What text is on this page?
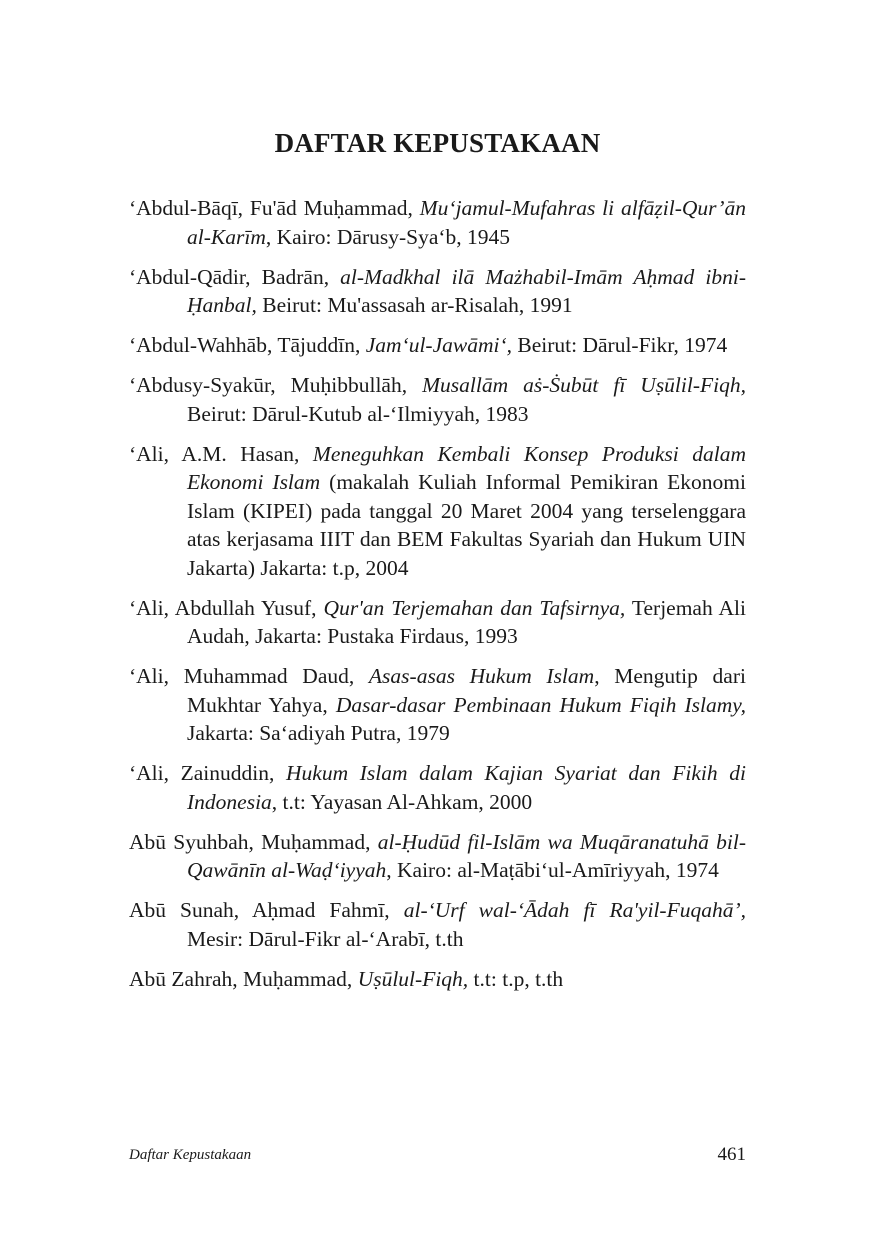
DAFTAR KEPUSTAKAAN
‘Abdul-Bāqī, Fu'ād Muḥammad, Mu‘jamul-Mufahras li alfāẓil-Qur’ān al-Karīm, Kairo: Dārusy-Sya‘b, 1945
‘Abdul-Qādir, Badrān, al-Madkhal ilā Mażhabil-Imām Aḥmad ibni-Ḥanbal, Beirut: Mu'assasah ar-Risalah, 1991
‘Abdul-Wahhāb, Tājuddīn, Jam‘ul-Jawāmi‘, Beirut: Dārul-Fikr, 1974
‘Abdusy-Syakūr, Muḥibbullāh, Musallām aṡ-Ṡubūt fī Uṣūlil-Fiqh, Beirut: Dārul-Kutub al-‘Ilmiyyah, 1983
‘Ali, A.M. Hasan, Meneguhkan Kembali Konsep Produksi dalam Ekonomi Islam (makalah Kuliah Informal Pemikiran Ekonomi Islam (KIPEI) pada tanggal 20 Maret 2004 yang terselenggara atas kerjasama IIIT dan BEM Fakultas Syariah dan Hukum UIN Jakarta) Jakarta: t.p, 2004
‘Ali, Abdullah Yusuf, Qur'an Terjemahan dan Tafsirnya, Terjemah Ali Audah, Jakarta: Pustaka Firdaus, 1993
‘Ali, Muhammad Daud, Asas-asas Hukum Islam, Mengutip dari Mukhtar Yahya, Dasar-dasar Pembinaan Hukum Fiqih Islamy, Jakarta: Sa‘adiyah Putra, 1979
‘Ali, Zainuddin, Hukum Islam dalam Kajian Syariat dan Fikih di Indonesia, t.t: Yayasan Al-Ahkam, 2000
Abū Syuhbah, Muḥammad, al-Ḥudūd fil-Islām wa Muqāranatuhā bil-Qawānīn al-Waḍ‘iyyah, Kairo: al-Maṭābi‘ul-Amīriyyah, 1974
Abū Sunah, Aḥmad Fahmī, al-‘Urf wal-‘Ādah fī Ra'yil-Fuqahā’, Mesir: Dārul-Fikr al-‘Arabī, t.th
Abū Zahrah, Muḥammad, Uṣūlul-Fiqh, t.t: t.p, t.th
Daftar Kepustakaan	461
